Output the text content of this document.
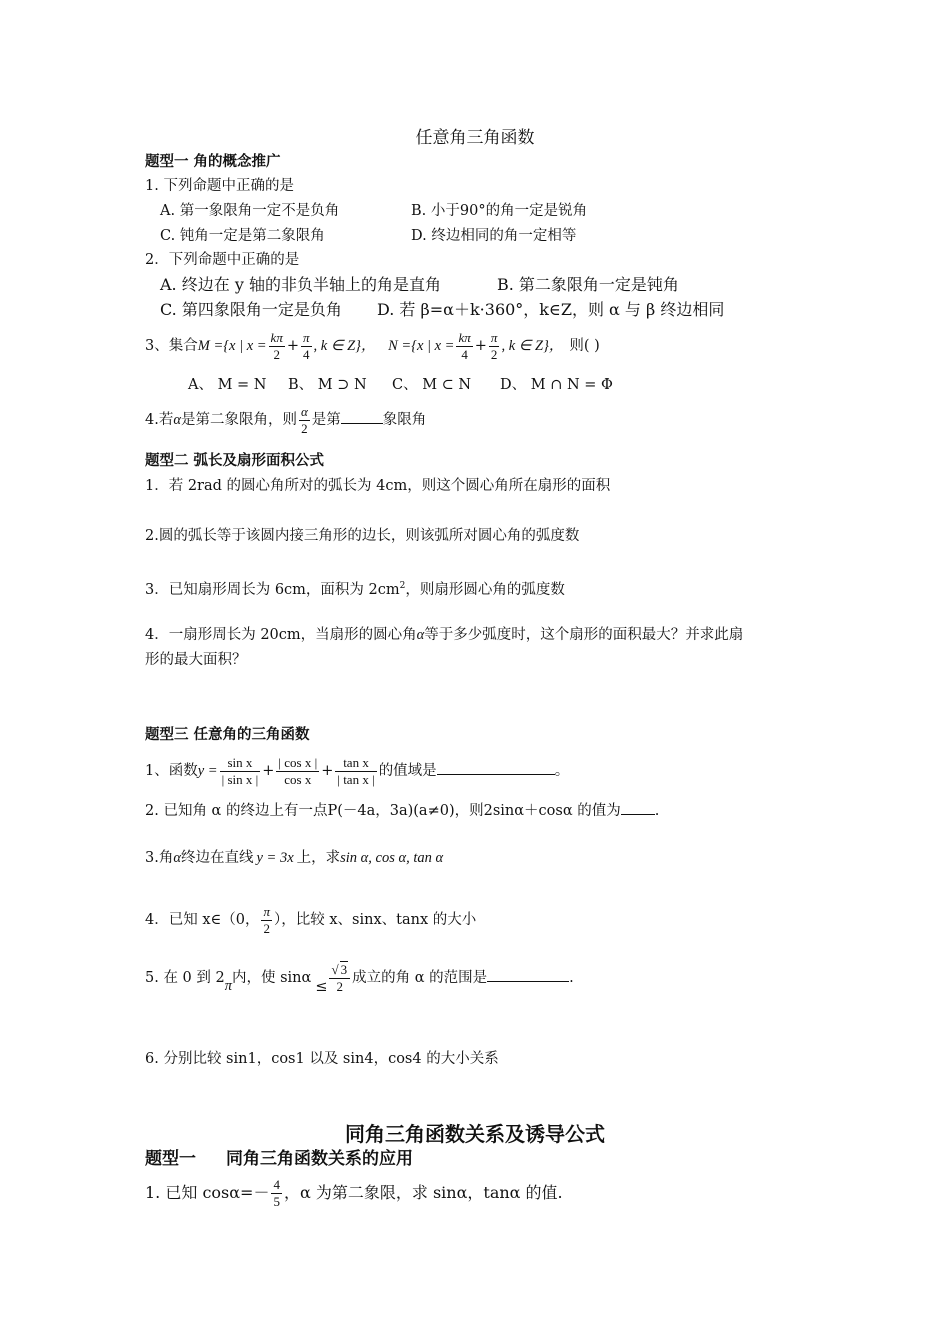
任意角三角函数
题型一 角的概念推广
1. 下列命题中正确的是
A. 第一象限角一定不是负角	B. 小于90°的角一定是锐角
C. 钝角一定是第二象限角	D. 终边相同的角一定相等
2．下列命题中正确的是
A. 终边在 y 轴的非负半轴上的角是直角	B. 第二象限角一定是钝角
C. 第四象限角一定是负角 D. 若 β=α＋k·360°，k∈Z，则 α 与 β 终边相同
3、集合M ={x | $x = \frac{k\pi}{2} + \frac{\pi}{4}$ , k ∈ Z}， N ={x | $x = \frac{k\pi}{4} + \frac{\pi}{2}$ , k ∈ Z}， 则( )
A、 M = N B、 M ⊃ N C、 M ⊂ N D、 M ∩ N = Φ
4.若α是第二象限角，则 $\frac{\alpha}{2}$ 是第	象限角
题型二 弧长及扇形面积公式
1．若 2rad 的圆心角所对的弧长为 4cm，则这个圆心角所在扇形的面积
2.圆的弧长等于该圆内接三角形的边长，则该弧所对圆心角的弧度数
3．已知扇形周长为 6cm，面积为 $2cm^2$，则扇形圆心角的弧度数
4．一扇形周长为 20cm，当扇形的圆心角α等于多少弧度时，这个扇形的面积最大？并求此扇
形的最大面积？
题型三 任意角的三角函数
1、函数$y = \frac{\text{sin x}}{\text{| sin x |}} + \frac{\text{| cos x |}}{\text{cos x}} + \frac{\text{tan x}}{\text{| tan x |}}$ 的值域是	。
2. 已知角 α 的终边上有一点P(－4a，3a)(a≠0)，则2sinα＋cosα 的值为 .
3.角α终边在直线 y = 3x 上，求sin α, cos α, tan α
4．已知 x∈（0， $\frac{\pi}{2}$ ），比较 x、sinx、tanx 的大小
5. 在 0 到 2π内，使 $\sin\alpha\le \frac{√ 3}{2}$ 成立的角 α 的范围是	.
6. 分别比较 sin1，cos1 以及 sin4，cos4 的大小关系
同角三角函数关系及诱导公式
题型一 同角三角函数关系的应用
1. 已知 $\cos\alpha=- \frac{4}{5}$ ，α 为第二象限，求 sinα，tanα 的值.
